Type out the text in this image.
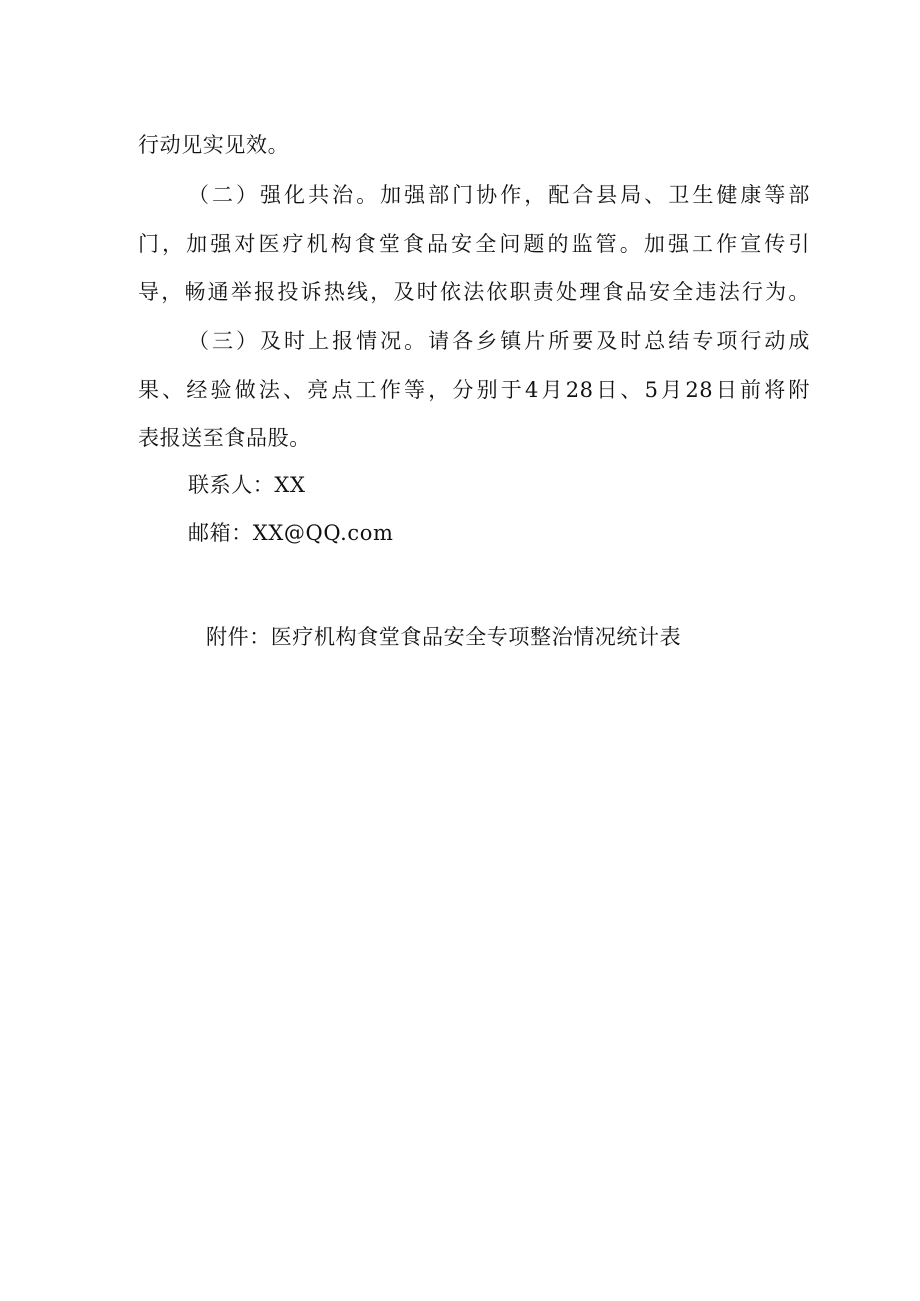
行动见实见效。
（二）强化共治。加强部门协作，配合县局、卫生健康等部
门，加强对医疗机构食堂食品安全问题的监管。加强工作宣传引
导，畅通举报投诉热线，及时依法依职责处理食品安全违法行为。
（三）及时上报情况。请各乡镇片所要及时总结专项行动成
果、经验做法、亮点工作等，分别于4月28日、5月28日前将附
表报送至食品股。
联系人：XX
邮箱：XX@QQ.com
附件：医疗机构食堂食品安全专项整治情况统计表
